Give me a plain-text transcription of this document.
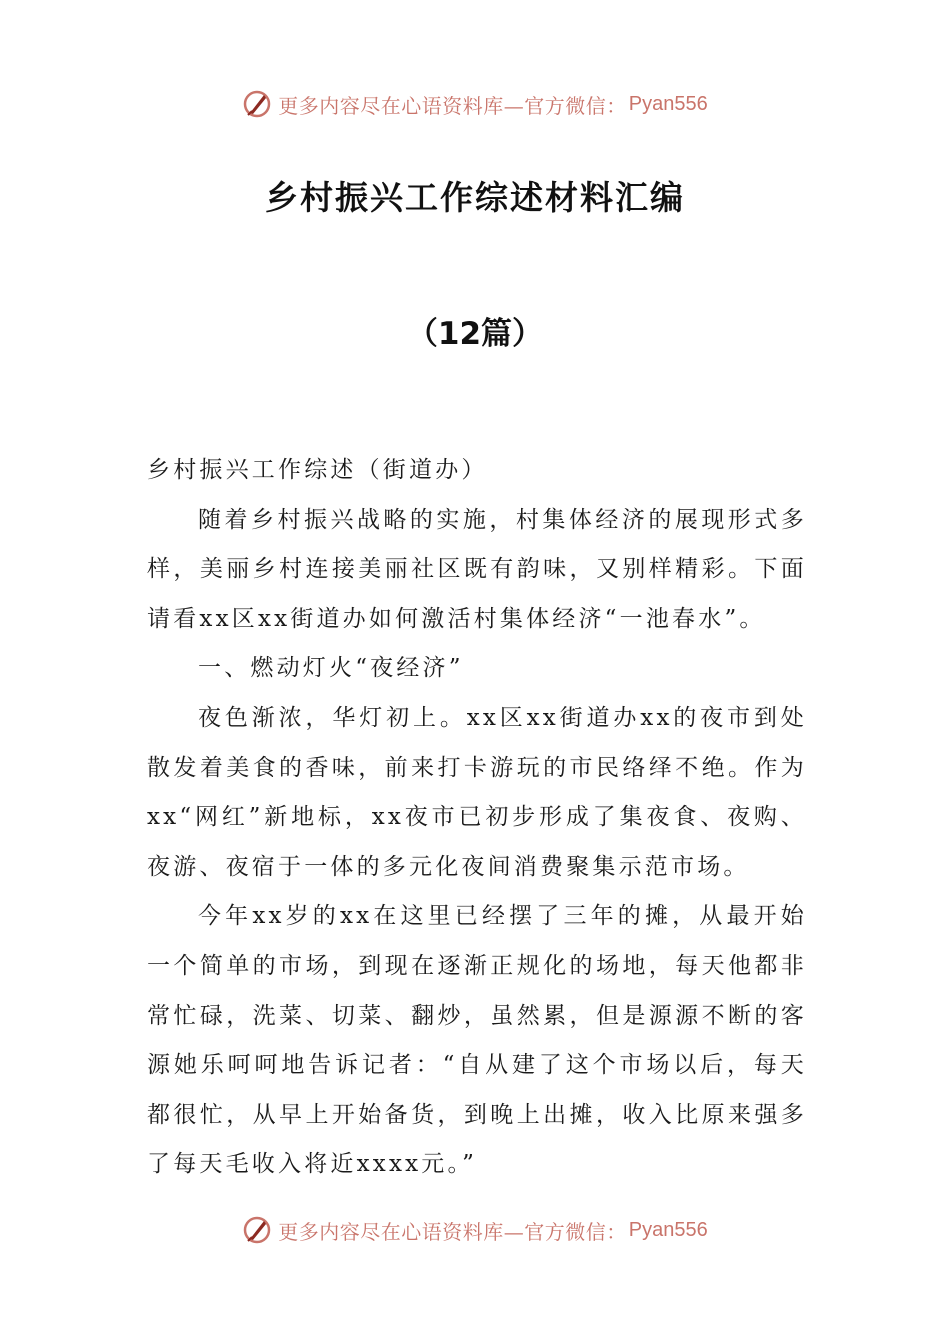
更多内容尽在心语资料库—官方微信： Pyan556
乡村振兴工作综述材料汇编
（12篇）

乡村振兴工作综述（街道办）

随着乡村振兴战略的实施，村集体经济的展现形式多样，美丽乡村连接美丽社区既有韵味，又别样精彩。下面请看xx区xx街道办如何激活村集体经济“一池春水”。

一、燃动灯火“夜经济”

夜色渐浓，华灯初上。xx区xx街道办xx的夜市到处散发着美食的香味，前来打卡游玩的市民络绎不绝。作为xx“网红”新地标，xx夜市已初步形成了集夜食、夜购、夜游、夜宿于一体的多元化夜间消费聚集示范市场。

今年xx岁的xx在这里已经摆了三年的摊，从最开始一个简单的市场，到现在逐渐正规化的场地，每天他都非常忙碌，洗菜、切菜、翻炒，虽然累，但是源源不断的客源她乐呵呵地告诉记者：“自从建了这个市场以后，每天都很忙，从早上开始备货，到晚上出摊，收入比原来强多了每天毛收入将近xxxx元。”

更多内容尽在心语资料库—官方微信： Pyan556
